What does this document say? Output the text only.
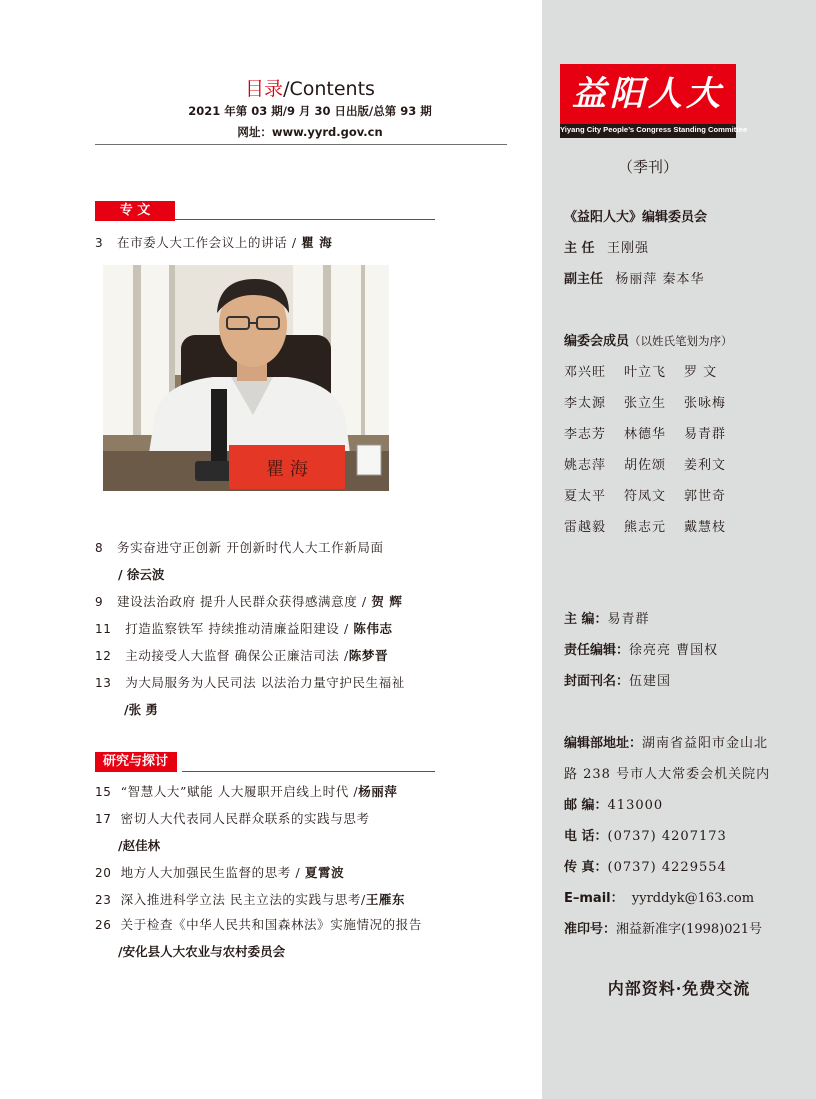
目录/Contents
2021 年第 03 期/9 月 30 日出版/总第 93 期
网址：www.yyrd.gov.cn
专 文
3 在市委人大工作会议上的讲话 / 瞿 海
瞿 海
8 务实奋进守正创新 开创新时代人大工作新局面
/ 徐云波
9 建设法治政府 提升人民群众获得感满意度 / 贺 辉
11 打造监察铁军 持续推动清廉益阳建设 / 陈伟志
12 主动接受人大监督 确保公正廉洁司法 /陈梦晋
13 为大局服务为人民司法 以法治力量守护民生福祉
/张 勇
研究与探讨
15 “智慧人大”赋能 人大履职开启线上时代 /杨丽萍
17 密切人大代表同人民群众联系的实践与思考
/赵佳林
20 地方人大加强民生监督的思考 / 夏霄波
23 深入推进科学立法 民主立法的实践与思考/王雁东
26 关于检查《中华人民共和国森林法》实施情况的报告
/安化县人大农业与农村委员会
益阳人大
Yiyang City People’s Congress Standing Committee
（季刊）
《益阳人大》编辑委员会
主 任 王刚强
副主任 杨丽萍 秦本华
编委会成员（以姓氏笔划为序）
邓兴旺 叶立飞 罗 文
李太源 张立生 张咏梅
李志芳 林德华 易青群
姚志萍 胡佐颂 姜利文
夏太平 符凤文 郭世奇
雷越毅 熊志元 戴慧枝
主 编：易青群
责任编辑：徐亮亮 曹国权
封面刊名：伍建国
编辑部地址：湖南省益阳市金山北
路 238 号市人大常委会机关院内
邮 编：413000
电 话：(0737) 4207173
传 真：(0737) 4229554
E–mail： yyrddyk@163.com
准印号：湘益新准字(1998)021号
内部资料·免费交流
